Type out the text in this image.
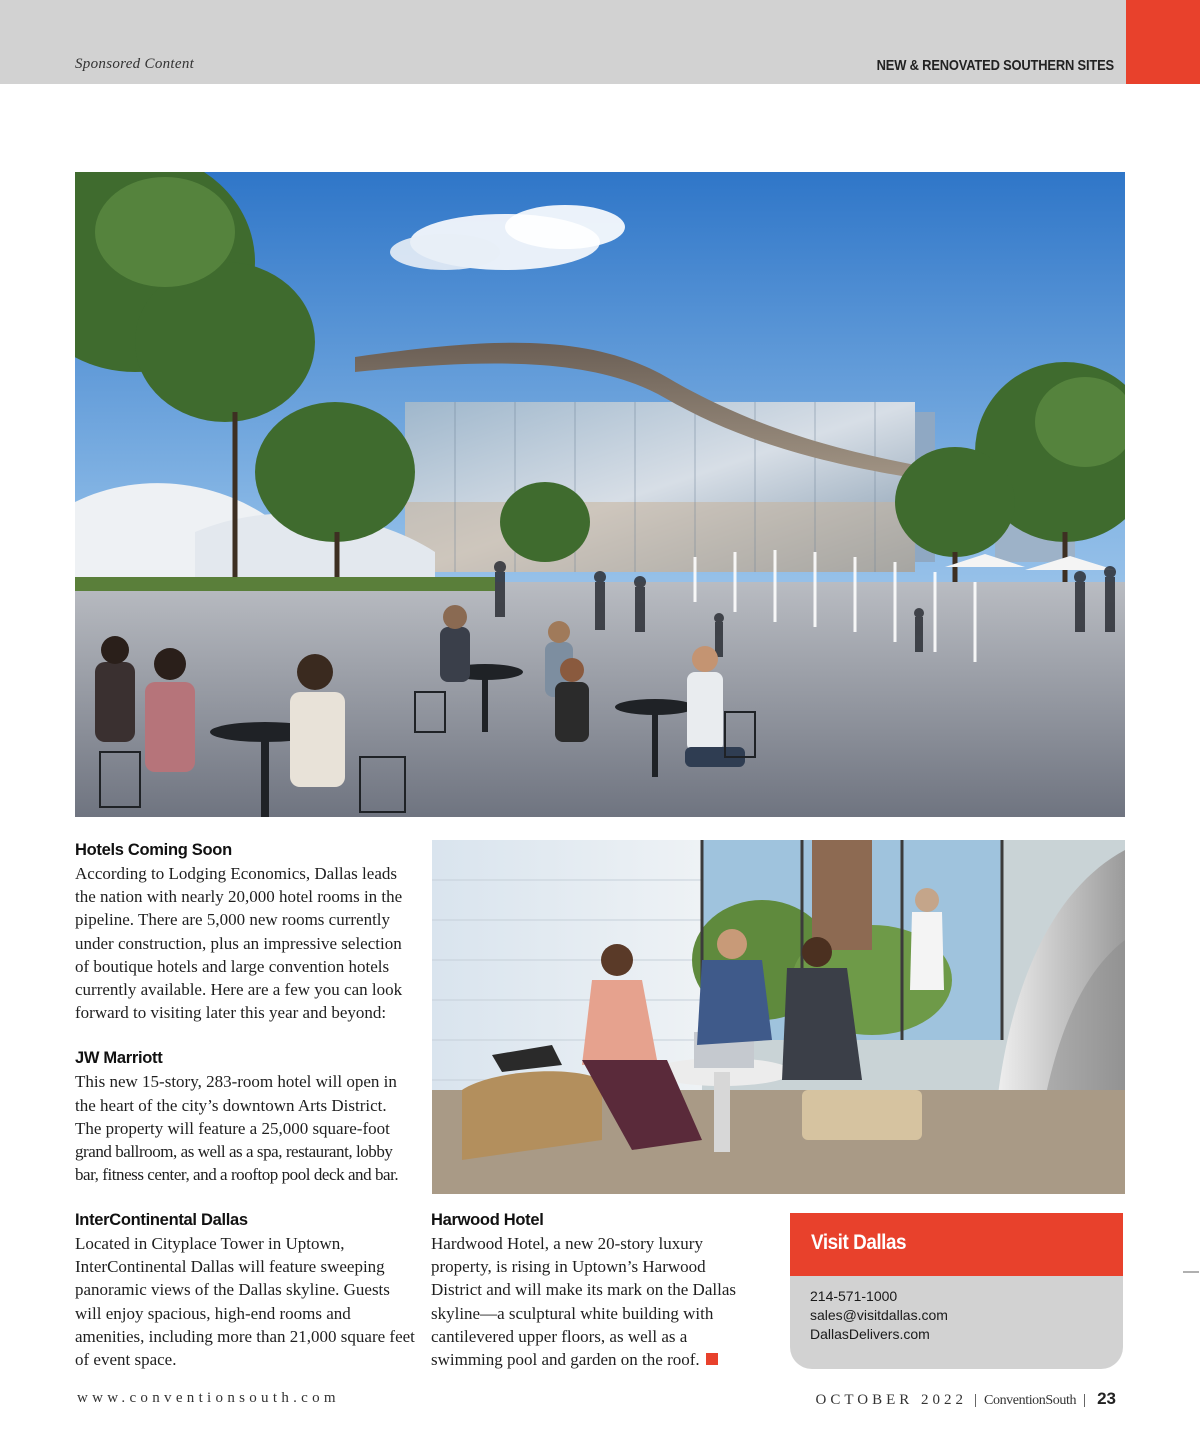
Sponsored Content	NEW & RENOVATED SOUTHERN SITES
Hotels Coming Soon

According to Lodging Economics, Dallas leads the nation with nearly 20,000 hotel rooms in the pipeline. There are 5,000 new rooms currently under construction, plus an impressive selection of boutique hotels and large convention hotels currently available. Here are a few you can look forward to visiting later this year and beyond:

JW Marriott

This new 15-story, 283-room hotel will open in the heart of the city’s downtown Arts District. The property will feature a 25,000 square-foot grand ballroom, as well as a spa, restaurant, lobby bar, fitness center, and a rooftop pool deck and bar.

InterContinental Dallas

Located in Cityplace Tower in Uptown, InterContinental Dallas will feature sweeping panoramic views of the Dallas skyline. Guests will enjoy spacious, high-end rooms and amenities, including more than 21,000 square feet of event space.

Harwood Hotel

Hardwood Hotel, a new 20-story luxury property, is rising in Uptown’s Harwood District and will make its mark on the Dallas skyline—a sculptural white building with cantilevered upper floors, as well as a swimming pool and garden on the roof.

Visit Dallas
214-571-1000
sales@visitdallas.com
DallasDelivers.com
www.conventionsouth.com	OCTOBER 2022 | ConventionSouth | 23
